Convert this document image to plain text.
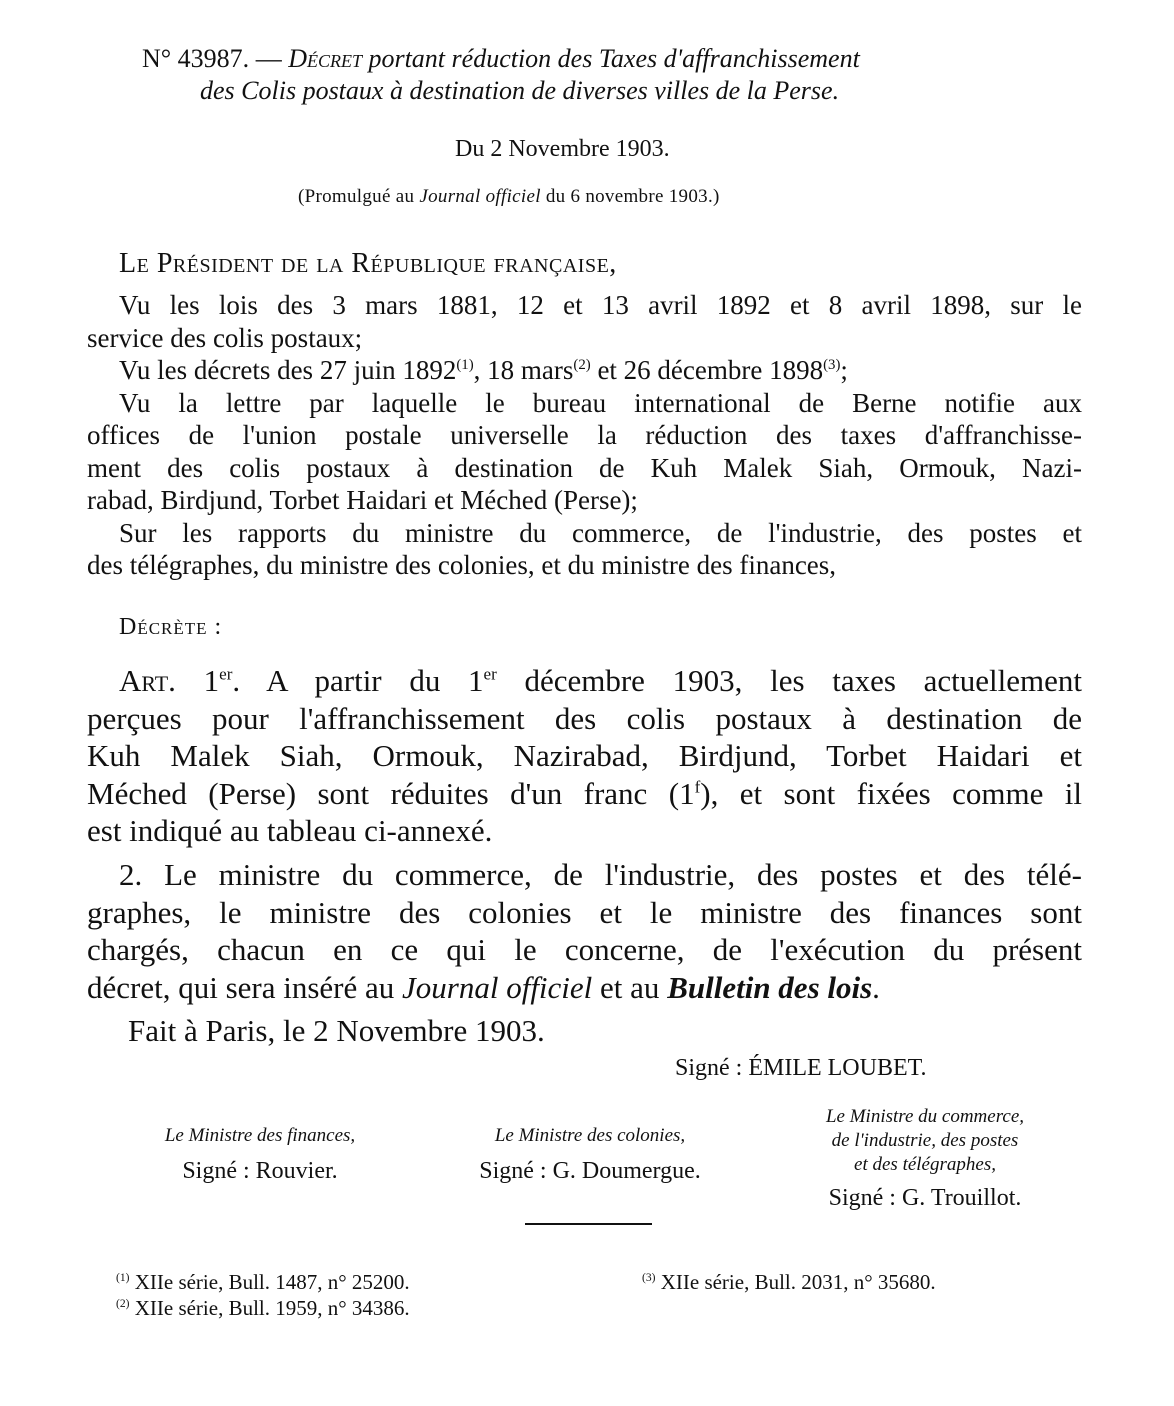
N° 43987. — Décret portant réduction des Taxes d'affranchissement
des Colis postaux à destination de diverses villes de la Perse.
Du 2 Novembre 1903.
(Promulgué au Journal officiel du 6 novembre 1903.)
Le Président de la République française,
Vu les lois des 3 mars 1881, 12 et 13 avril 1892 et 8 avril 1898, sur le
service des colis postaux;
Vu les décrets des 27 juin 1892$^{(1)}$, 18 mars$^{(2)}$ et 26 décembre 1898$^{(3)}$;
Vu la lettre par laquelle le bureau international de Berne notifie aux
offices de l'union postale universelle la réduction des taxes d'affranchisse-
ment des colis postaux à destination de Kuh Malek Siah, Ormouk, Nazi-
rabad, Birdjund, Torbet Haidari et Méched (Perse);
Sur les rapports du ministre du commerce, de l'industrie, des postes et
des télégraphes, du ministre des colonies, et du ministre des finances,
Décrète :
Art. 1er. A partir du 1er décembre 1903, les taxes actuellement
perçues pour l'affranchissement des colis postaux à destination de
Kuh Malek Siah, Ormouk, Nazirabad, Birdjund, Torbet Haidari et
Méched (Perse) sont réduites d'un franc (1$^f$), et sont fixées comme il
est indiqué au tableau ci-annexé.
2. Le ministre du commerce, de l'industrie, des postes et des télé-
graphes, le ministre des colonies et le ministre des finances sont
chargés, chacun en ce qui le concerne, de l'exécution du présent
décret, qui sera inséré au Journal officiel et au Bulletin des lois.
Fait à Paris, le 2 Novembre 1903.
Signé : ÉMILE LOUBET.
Le Ministre des finances,
Signé : Rouvier.
Le Ministre des colonies,
Signé : G. Doumergue.
Le Ministre du commerce,
de l'industrie, des postes
et des télégraphes,
Signé : G. Trouillot.
$^{(1)}$ XIIe série, Bull. 1487, n° 25200.
$^{(2)}$ XIIe série, Bull. 1959, n° 34386.
$^{(3)}$ XIIe série, Bull. 2031, n° 35680.
